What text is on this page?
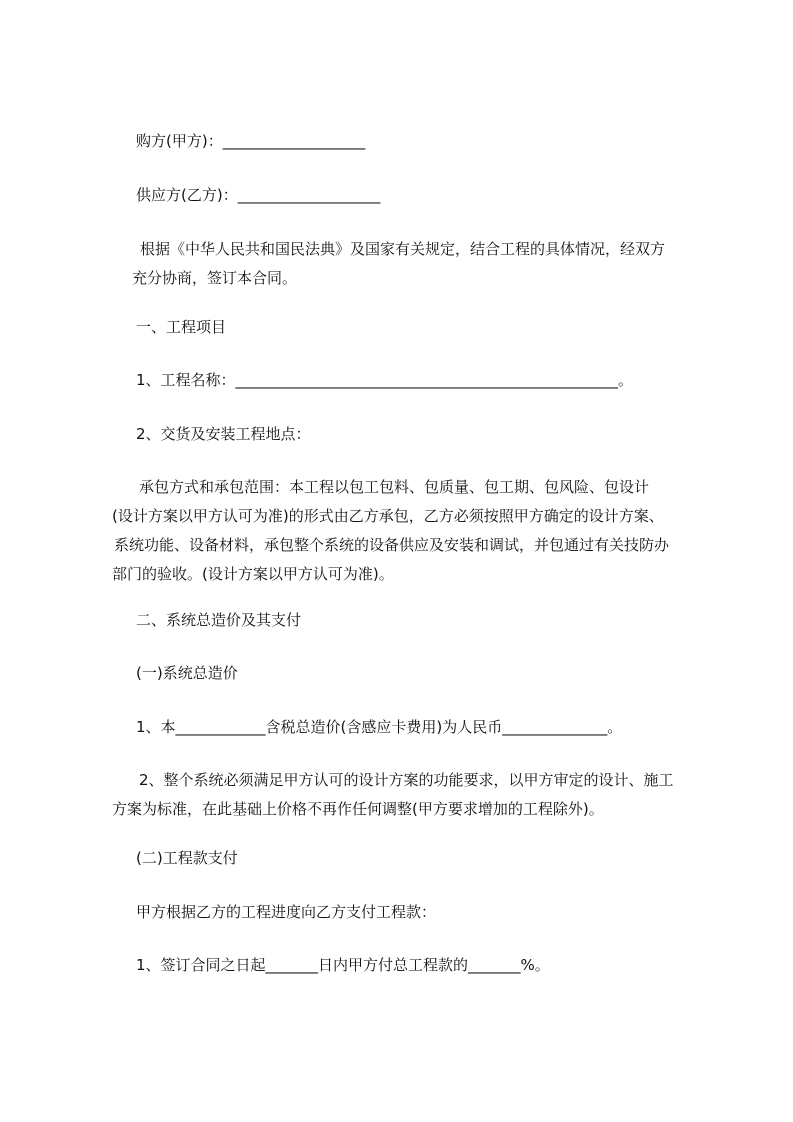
购方(甲方)：___________________
供应方(乙方)：___________________
根据《中华人民共和国民法典》及国家有关规定，结合工程的具体情况，经双方
充分协商，签订本合同。
一、工程项目
1、工程名称：___________________________________________________。
2、交货及安装工程地点：
承包方式和承包范围：本工程以包工包料、包质量、包工期、包风险、包设计
(设计方案以甲方认可为准)的形式由乙方承包，乙方必须按照甲方确定的设计方案、
系统功能、设备材料，承包整个系统的设备供应及安装和调试，并包通过有关技防办
部门的验收。(设计方案以甲方认可为准)。
二、系统总造价及其支付
(一)系统总造价
1、本____________含税总造价(含感应卡费用)为人民币______________。
2、整个系统必须满足甲方认可的设计方案的功能要求，以甲方审定的设计、施工
方案为标准，在此基础上价格不再作任何调整(甲方要求增加的工程除外)。
(二)工程款支付
甲方根据乙方的工程进度向乙方支付工程款：
1、签订合同之日起_______日内甲方付总工程款的_______%。
